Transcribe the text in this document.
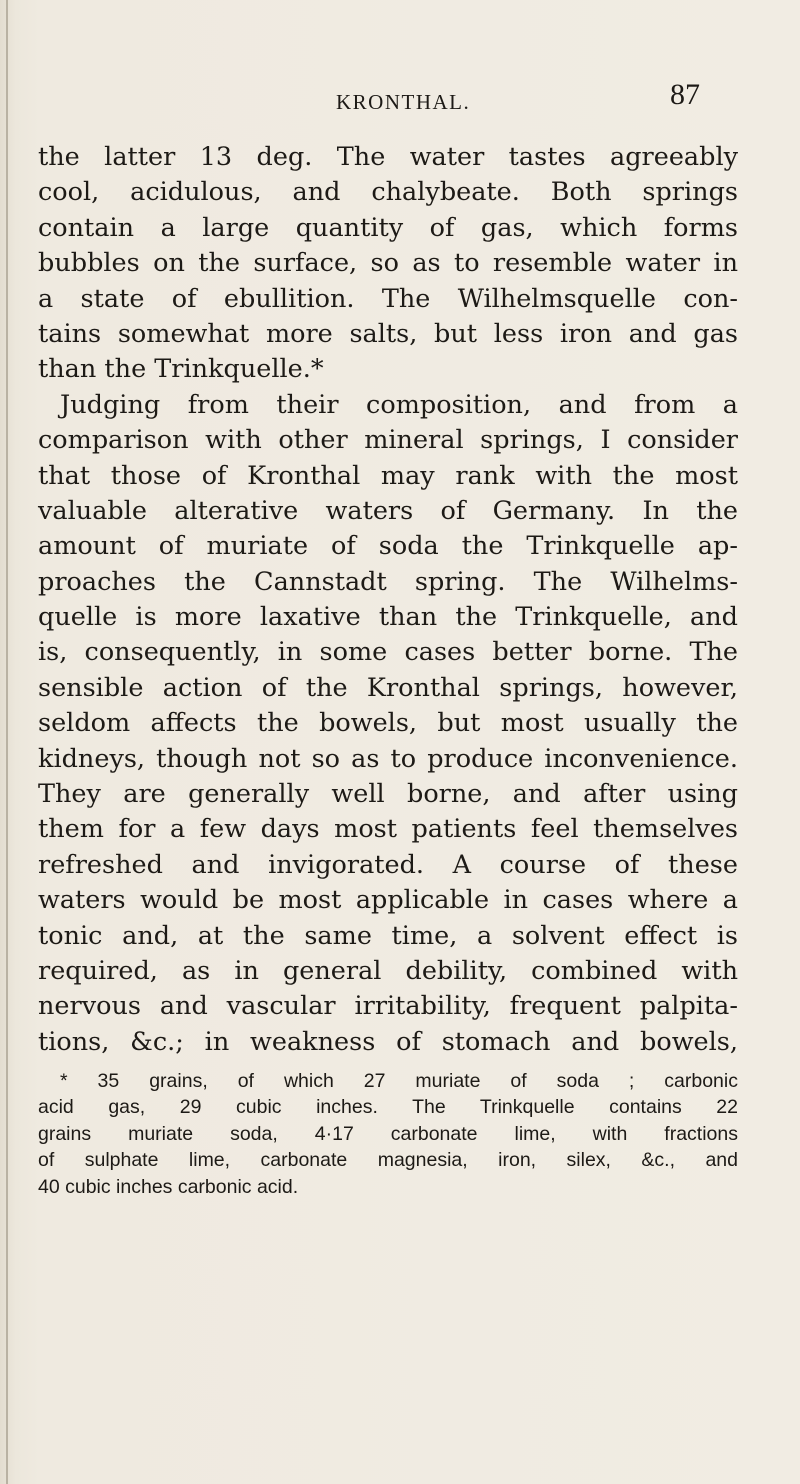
KRONTHAL.	87
the latter 13 deg. The water tastes agreeably
cool, acidulous, and chalybeate. Both springs
contain a large quantity of gas, which forms
bubbles on the surface, so as to resemble water in
a state of ebullition. The Wilhelmsquelle con-
tains somewhat more salts, but less iron and gas
than the Trinkquelle.*
Judging from their composition, and from a
comparison with other mineral springs, I consider
that those of Kronthal may rank with the most
valuable alterative waters of Germany. In the
amount of muriate of soda the Trinkquelle ap-
proaches the Cannstadt spring. The Wilhelms-
quelle is more laxative than the Trinkquelle, and
is, consequently, in some cases better borne. The
sensible action of the Kronthal springs, however,
seldom affects the bowels, but most usually the
kidneys, though not so as to produce inconvenience.
They are generally well borne, and after using
them for a few days most patients feel themselves
refreshed and invigorated. A course of these
waters would be most applicable in cases where a
tonic and, at the same time, a solvent effect is
required, as in general debility, combined with
nervous and vascular irritability, frequent palpita-
tions, &c.; in weakness of stomach and bowels,
* 35 grains, of which 27 muriate of soda ; carbonic
acid gas, 29 cubic inches. The Trinkquelle contains 22
grains muriate soda, 4·17 carbonate lime, with fractions
of sulphate lime, carbonate magnesia, iron, silex, &c., and
40 cubic inches carbonic acid.
